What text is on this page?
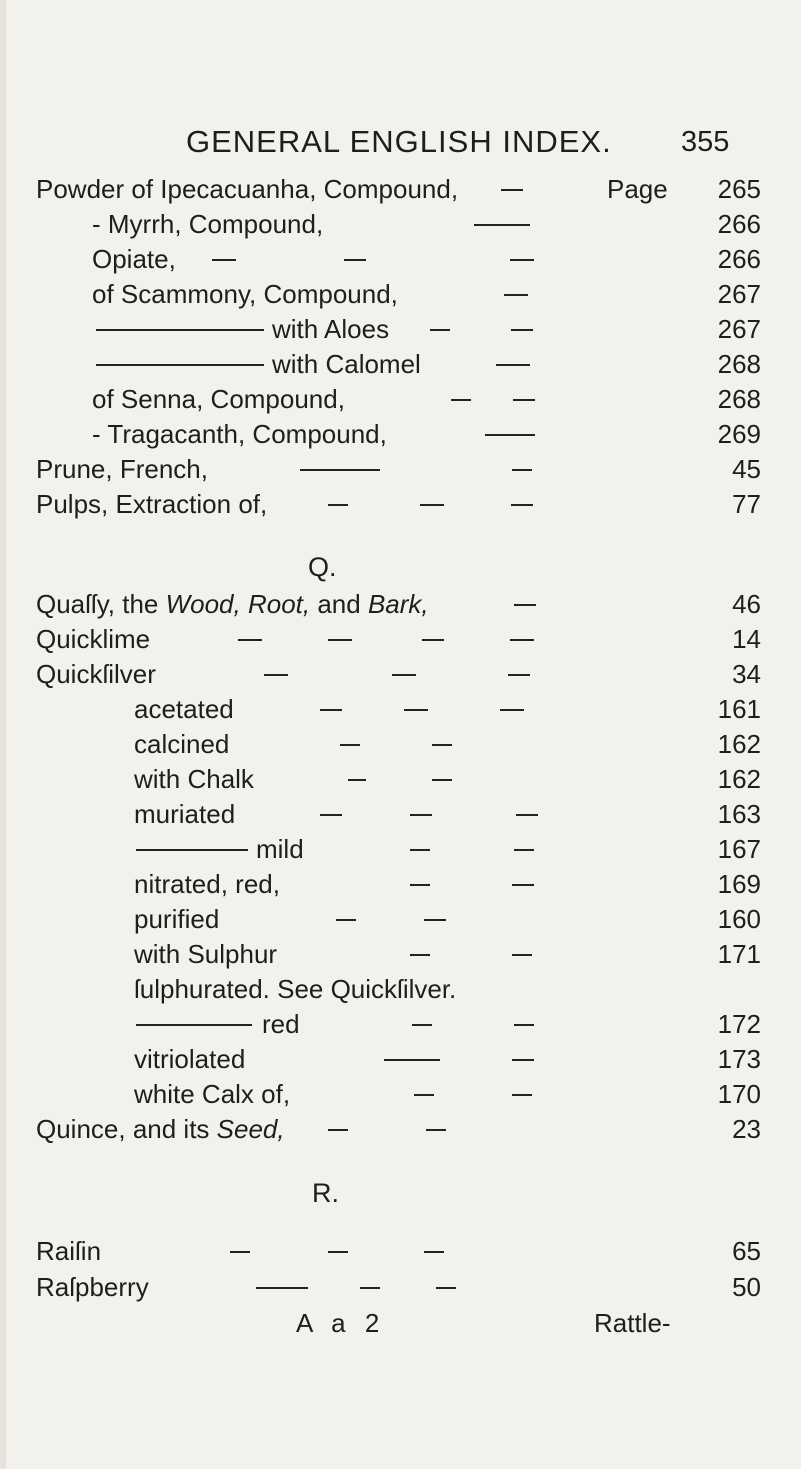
GENERAL ENGLISH INDEX. 355
Powder of Ipecacuanha, Compound,	Page	265
- Myrrh, Compound,	266
Opiate,	266
of Scammony, Compound,	267
with Aloes	267
with Calomel	268
of Senna, Compound,	268
- Tragacanth, Compound,	269
Prune, French,	45
Pulps, Extraction of,	77
Q.
Quaſſy, the Wood, Root, and Bark,	46
Quicklime	14
Quickſilver	34
acetated	161
calcined	162
with Chalk	162
muriated	163
mild	167
nitrated, red,	169
purified	160
with Sulphur	171
ſulphurated. See Quickſilver.
red	172
vitriolated	173
white Calx of,	170
Quince, and its Seed,	23
R.
Raiſin	65
Raſpberry	50
A a 2	Rattle-
